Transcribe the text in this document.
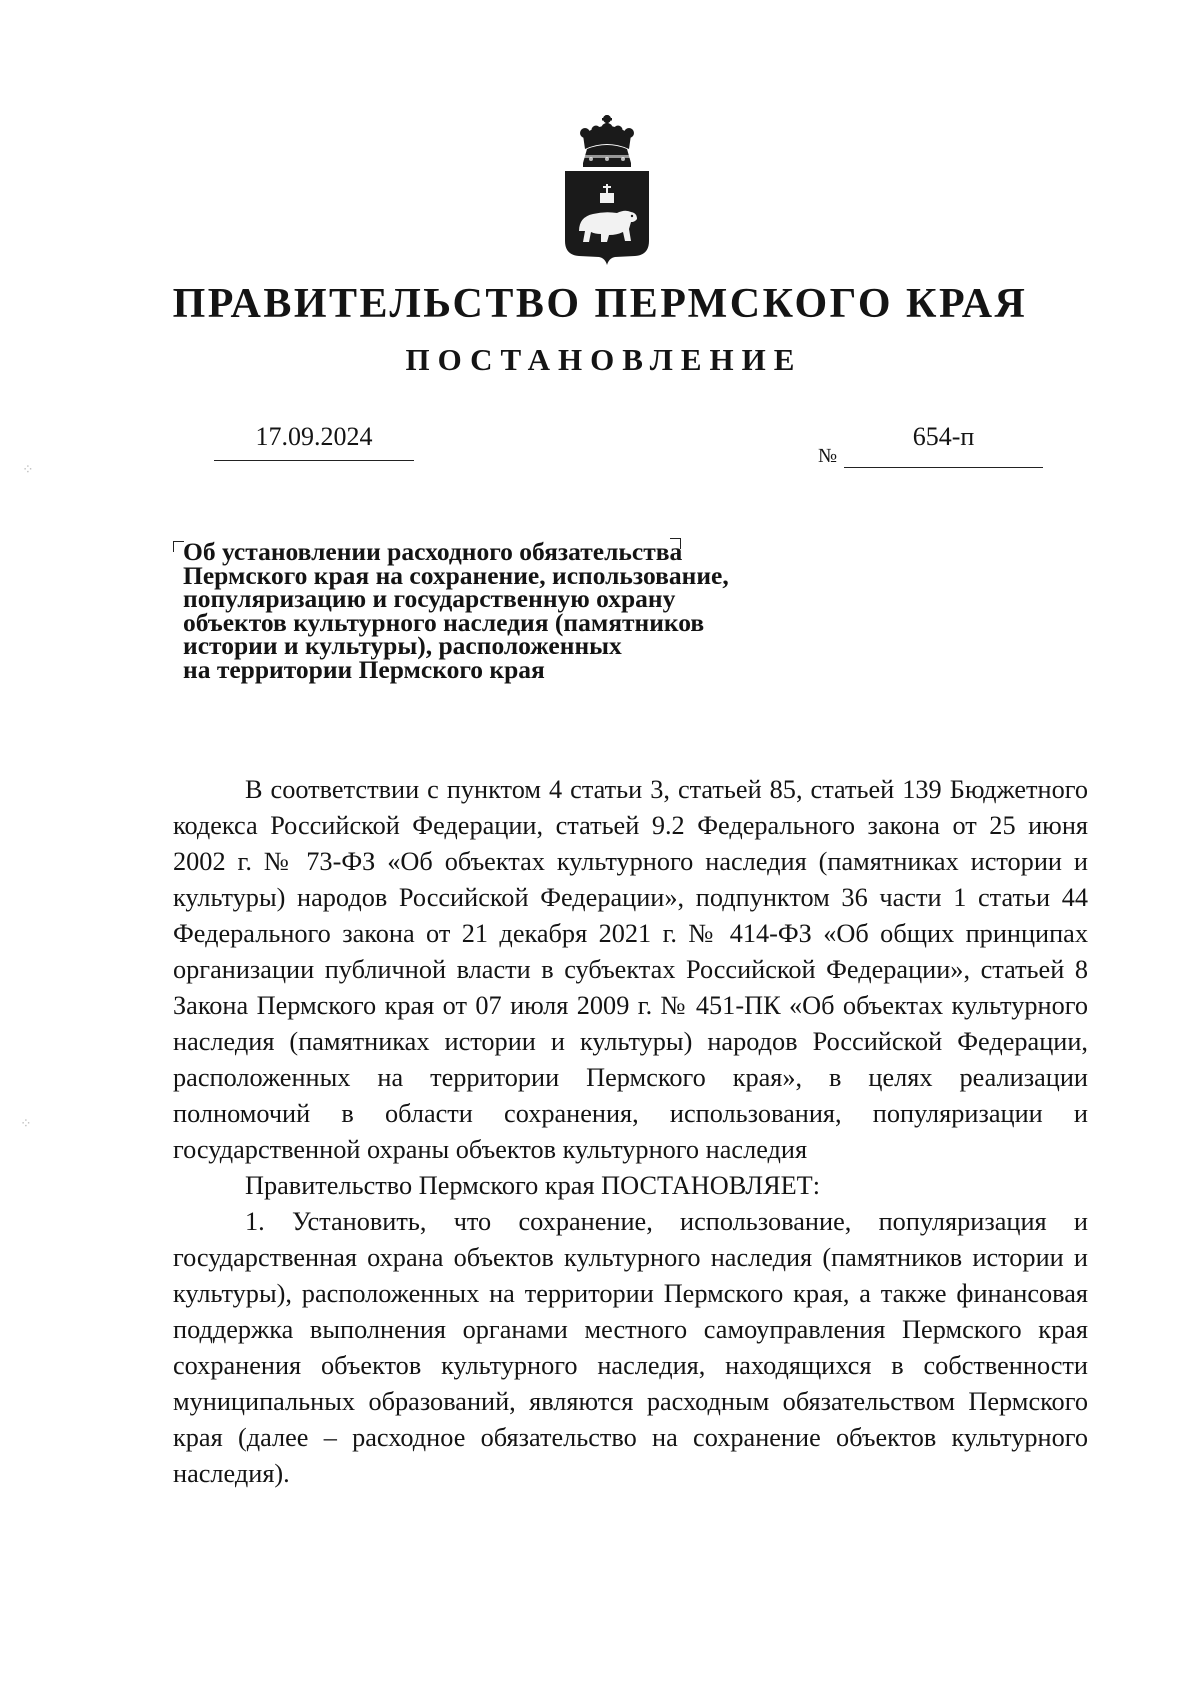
ПРАВИТЕЛЬСТВО ПЕРМСКОГО КРАЯ
ПОСТАНОВЛЕНИЕ
17.09.2024
№
654-п

Об установлении расходного обязательства

Пермского края на сохранение, использование,

популяризацию и государственную охрану

объектов культурного наследия (памятников

истории и культуры), расположенных

на территории Пермского края

В соответствии с пунктом 4 статьи 3, статьей 85, статьей 139 Бюджетного кодекса Российской Федерации, статьей 9.2 Федерального закона от 25 июня 2002 г. № 73-ФЗ «Об объектах культурного наследия (памятниках истории и культуры) народов Российской Федерации», подпунктом 36 части 1 статьи 44 Федерального закона от 21 декабря 2021 г. № 414-ФЗ «Об общих принципах организации публичной власти в субъектах Российской Федерации», статьей 8 Закона Пермского края от 07 июля 2009 г. № 451-ПК «Об объектах культурного наследия (памятниках истории и культуры) народов Российской Федерации, расположенных на территории Пермского края», в целях реализации полномочий в области сохранения, использования, популяризации и государственной охраны объектов культурного наследия

Правительство Пермского края ПОСТАНОВЛЯЕТ:

1. Установить, что сохранение, использование, популяризация и государственная охрана объектов культурного наследия (памятников истории и культуры), расположенных на территории Пермского края, а также финансовая поддержка выполнения органами местного самоуправления Пермского края сохранения объектов культурного наследия, находящихся в собственности муниципальных образований, являются расходным обязательством Пермского края (далее – расходное обязательство на сохранение объектов культурного наследия).

⁘
⁘
